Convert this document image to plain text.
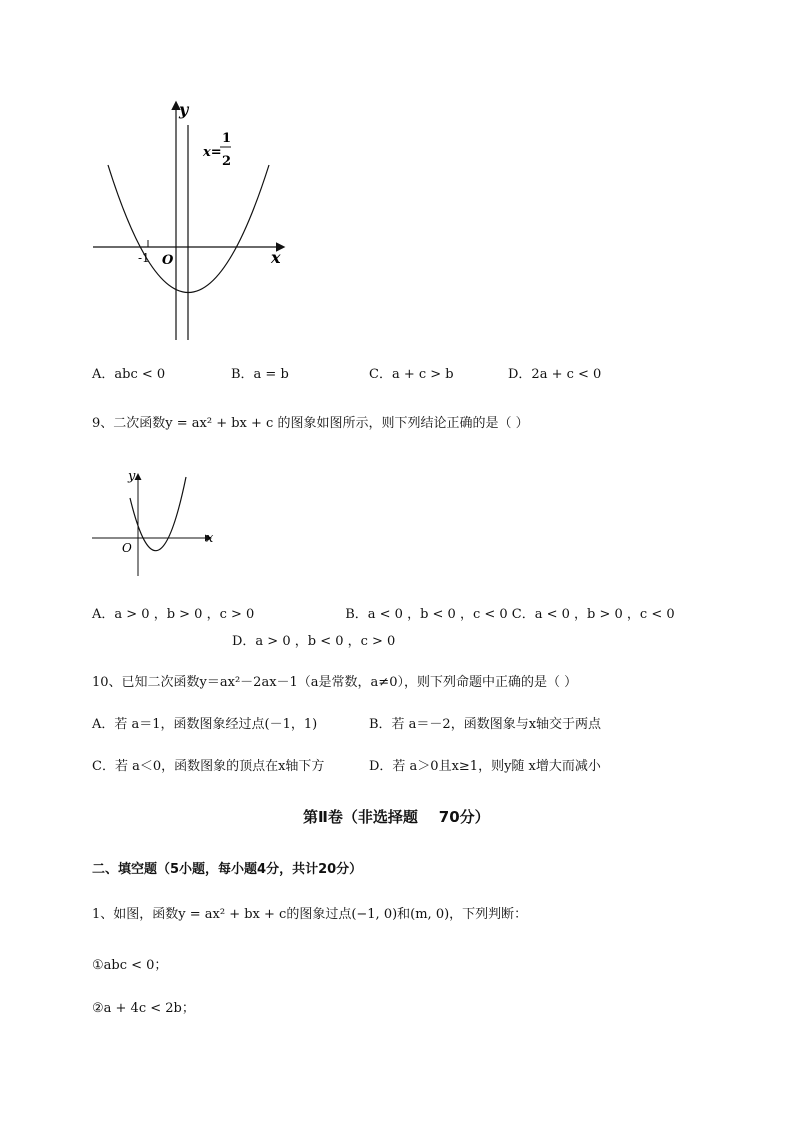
y
x
O
-1
x=
1
2
A．abc < 0	B．a = b	C．a + c > b	D．2a + c < 0
9、二次函数y = ax² + bx + c 的图象如图所示，则下列结论正确的是（ ）
y
x
O
A．a > 0 ，b > 0 ，c > 0                      B．a < 0 ，b < 0 ，c < 0 C．a < 0 ，b > 0 ，c < 0
D．a > 0 ，b < 0 ，c > 0
10、已知二次函数y＝ax²－2ax－1（a是常数，a≠0），则下列命题中正确的是（ ）
A．若 a＝1，函数图象经过点(－1，1)	B．若 a＝－2，函数图象与x轴交于两点
C．若 a＜0，函数图象的顶点在x轴下方	D．若 a＞0且x≥1，则y随 x增大而减小
第Ⅱ卷（非选择题    70分）
二、填空题（5小题，每小题4分，共计20分）
1、如图，函数y = ax² + bx + c的图象过点(−1, 0)和(m, 0)，下列判断：
①abc < 0；
②a + 4c < 2b；
